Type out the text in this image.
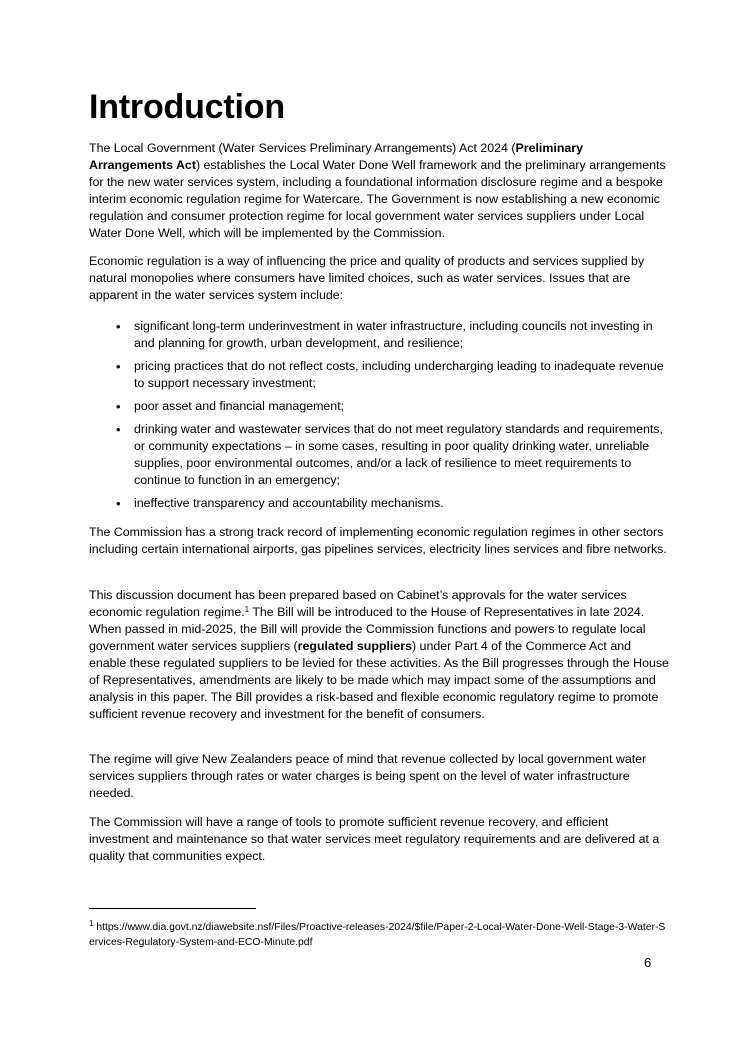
Introduction

The Local Government (Water Services Preliminary Arrangements) Act 2024 (Preliminary Arrangements Act) establishes the Local Water Done Well framework and the preliminary arrangements for the new water services system, including a foundational information disclosure regime and a bespoke interim economic regulation regime for Watercare. The Government is now establishing a new economic regulation and consumer protection regime for local government water services suppliers under Local Water Done Well, which will be implemented by the Commission.

Economic regulation is a way of influencing the price and quality of products and services supplied by natural monopolies where consumers have limited choices, such as water services. Issues that are apparent in the water services system include:

• significant long-term underinvestment in water infrastructure, including councils not investing in and planning for growth, urban development, and resilience;
• pricing practices that do not reflect costs, including undercharging leading to inadequate revenue to support necessary investment;
• poor asset and financial management;
• drinking water and wastewater services that do not meet regulatory standards and requirements, or community expectations – in some cases, resulting in poor quality drinking water, unreliable supplies, poor environmental outcomes, and/or a lack of resilience to meet requirements to continue to function in an emergency;
• ineffective transparency and accountability mechanisms.

The Commission has a strong track record of implementing economic regulation regimes in other sectors including certain international airports, gas pipelines services, electricity lines services and fibre networks.

This discussion document has been prepared based on Cabinet’s approvals for the water services economic regulation regime.$^1$ The Bill will be introduced to the House of Representatives in late 2024. When passed in mid-2025, the Bill will provide the Commission functions and powers to regulate local government water services suppliers (regulated suppliers) under Part 4 of the Commerce Act and enable these regulated suppliers to be levied for these activities. As the Bill progresses through the House of Representatives, amendments are likely to be made which may impact some of the assumptions and analysis in this paper. The Bill provides a risk-based and flexible economic regulatory regime to promote sufficient revenue recovery and investment for the benefit of consumers.

The regime will give New Zealanders peace of mind that revenue collected by local government water services suppliers through rates or water charges is being spent on the level of water infrastructure needed.

The Commission will have a range of tools to promote sufficient revenue recovery, and efficient investment and maintenance so that water services meet regulatory requirements and are delivered at a quality that communities expect.

$^1$ https://www.dia.govt.nz/diawebsite.nsf/Files/Proactive-releases-2024/$file/Paper-2-Local-Water-Done-Well-Stage-3-Water-Services-Regulatory-System-and-ECO-Minute.pdf

6
